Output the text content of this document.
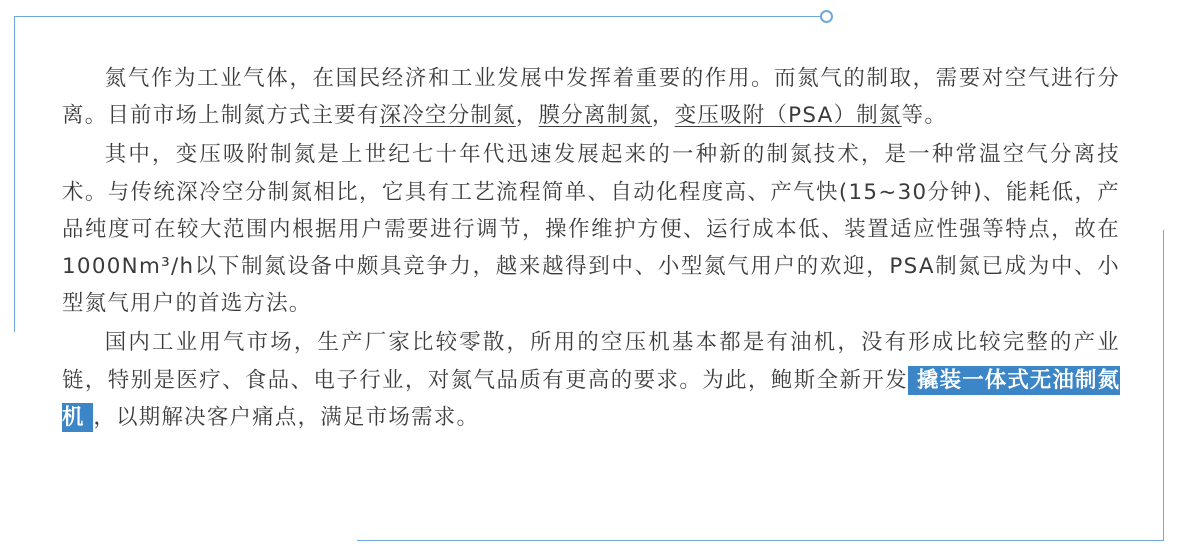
氮气作为工业气体，在国民经济和工业发展中发挥着重要的作用。而氮气的制取，需要对空气进行分离。目前市场上制氮方式主要有深冷空分制氮，膜分离制氮，变压吸附（PSA）制氮等。

其中，变压吸附制氮是上世纪七十年代迅速发展起来的一种新的制氮技术，是一种常温空气分离技术。与传统深冷空分制氮相比，它具有工艺流程简单、自动化程度高、产气快(15~30分钟)、能耗低，产品纯度可在较大范围内根据用户需要进行调节，操作维护方便、运行成本低、装置适应性强等特点，故在1000Nm³/h以下制氮设备中颇具竞争力，越来越得到中、小型氮气用户的欢迎，PSA制氮已成为中、小型氮气用户的首选方法。

国内工业用气市场，生产厂家比较零散，所用的空压机基本都是有油机，没有形成比较完整的产业链，特别是医疗、食品、电子行业，对氮气品质有更高的要求。为此，鲍斯全新开发 撬装一体式无油制氮机 ，以期解决客户痛点，满足市场需求。
